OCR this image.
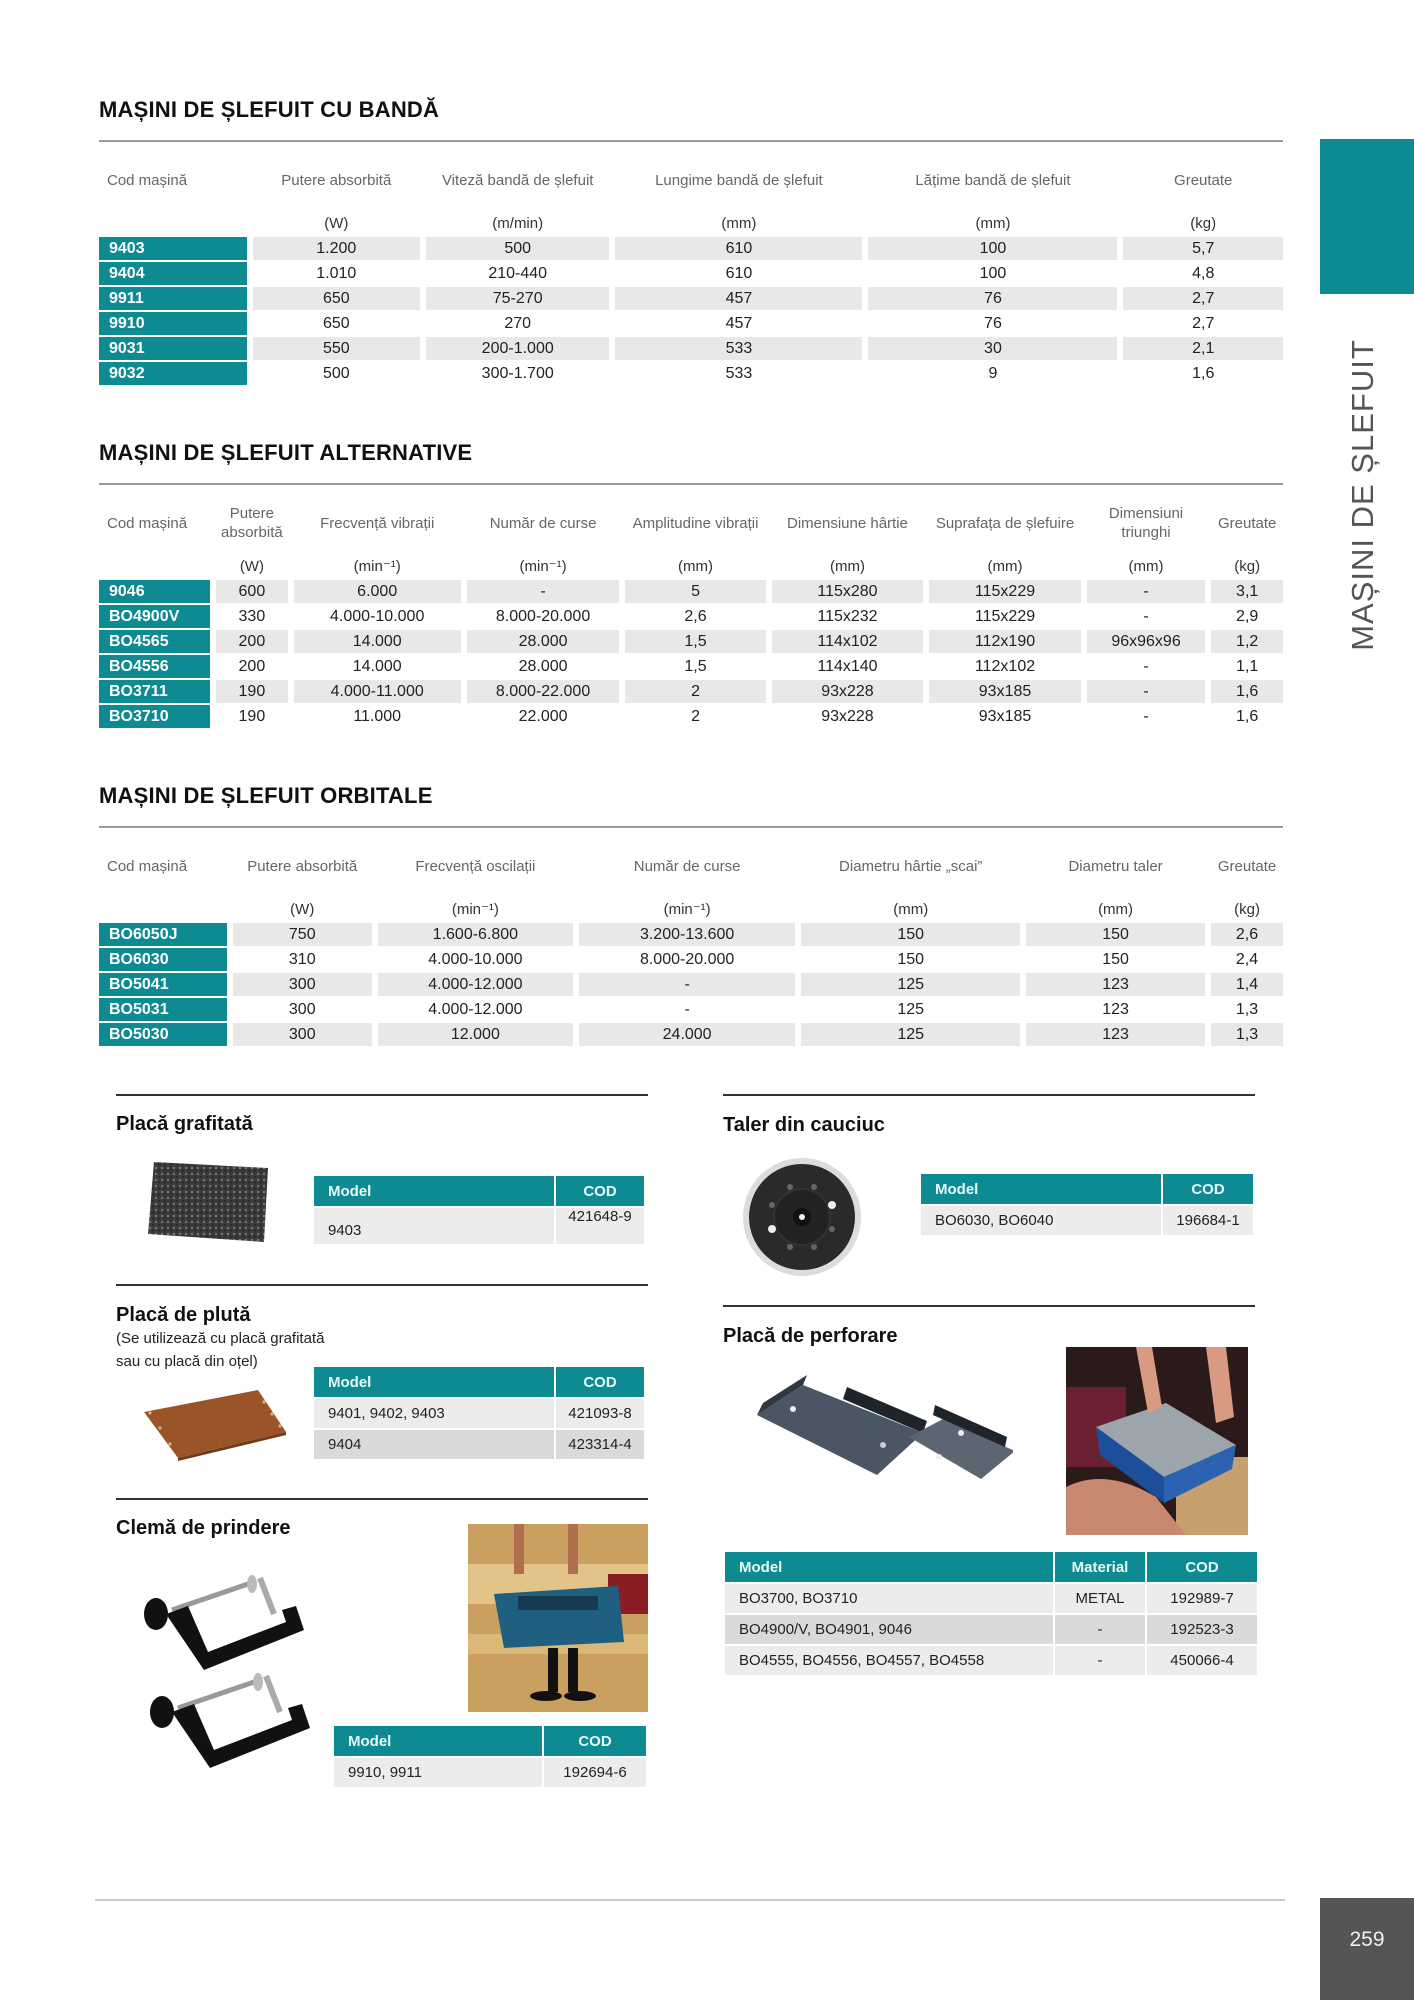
MAȘINI DE ȘLEFUIT
MAȘINI DE ȘLEFUIT CU BANDĂ
Cod mașină	Putere absorbită	Viteză bandă de șlefuit	Lungime bandă de șlefuit	Lățime bandă de șlefuit	Greutate
	(W)	(m/min)	(mm)	(mm)	(kg)
9403	1.200	500	610	100	5,7
9404	1.010	210-440	610	100	4,8
9911	650	75-270	457	76	2,7
9910	650	270	457	76	2,7
9031	550	200-1.000	533	30	2,1
9032	500	300-1.700	533	9	1,6
MAȘINI DE ȘLEFUIT ALTERNATIVE
Cod mașină	Putere absorbită	Frecvență vibrații	Număr de curse	Amplitudine vibrații	Dimensiune hârtie	Suprafața de șlefuire	Dimensiuni triunghi	Greutate
	(W)	(min⁻¹)	(min⁻¹)	(mm)	(mm)	(mm)	(mm)	(kg)
9046	600	6.000	-	5	115x280	115x229	-	3,1
BO4900V	330	4.000-10.000	8.000-20.000	2,6	115x232	115x229	-	2,9
BO4565	200	14.000	28.000	1,5	114x102	112x190	96x96x96	1,2
BO4556	200	14.000	28.000	1,5	114x140	112x102	-	1,1
BO3711	190	4.000-11.000	8.000-22.000	2	93x228	93x185	-	1,6
BO3710	190	11.000	22.000	2	93x228	93x185	-	1,6
MAȘINI DE ȘLEFUIT ORBITALE
Cod mașină	Putere absorbită	Frecvență oscilații	Număr de curse	Diametru hârtie „scai”	Diametru taler	Greutate
	(W)	(min⁻¹)	(min⁻¹)	(mm)	(mm)	(kg)
BO6050J	750	1.600-6.800	3.200-13.600	150	150	2,6
BO6030	310	4.000-10.000	8.000-20.000	150	150	2,4
BO5041	300	4.000-12.000	-	125	123	1,4
BO5031	300	4.000-12.000	-	125	123	1,3
BO5030	300	12.000	24.000	125	123	1,3
Placă grafitată
Model	COD
9403	421648-9
Placă de plută
(Se utilizează cu placă grafitată
sau cu placă din oțel)
Model	COD
9401, 9402, 9403	421093-8
9404	423314-4
Clemă de prindere
Model	COD
9910, 9911	192694-6
Taler din cauciuc
Model	COD
BO6030, BO6040	196684-1
Placă de perforare
Model	Material	COD
BO3700, BO3710	METAL	192989-7
BO4900/V, BO4901, 9046	-	192523-3
BO4555, BO4556, BO4557, BO4558	-	450066-4
259
